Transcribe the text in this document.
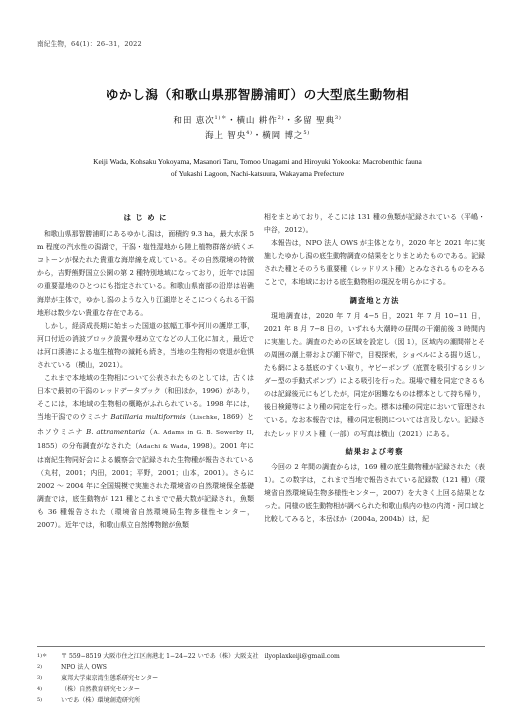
南紀生物，64(1)：26–31，2022
ゆかし潟（和歌山県那智勝浦町）の大型底生動物相
和田 恵次$^{1)*}$・横山 耕作$^{2)}$・多留 聖典$^{3)}$
海上 智央$^{4)}$・横岡 博之$^{5)}$
Keiji Wada, Kohsaku Yokoyama, Masanori Taru, Tomoo Unagami and Hiroyuki Yokooka: Macrobenthic fauna
of Yukashi Lagoon, Nachi-katsuura, Wakayama Prefecture
は じ め に

和歌山県那智勝浦町にあるゆかし潟は，面積約 9.3 ha，最大水深 5 m 程度の汽水性の潟湖で，干潟・塩性湿地から陸上植物群落が続くエコトーンが保たれた貴重な海岸線を成している。その自然環境の特徴から，吉野熊野国立公園の第 2 種特別地域になっており，近年では国の重要湿地のひとつにも指定されている。和歌山県南部の沿岸は岩礁海岸が主体で，ゆかし潟のような入り江湖岸とそこにつくられる干潟地形は数少ない貴重な存在である。

しかし，経済成長期に始まった国道の拡幅工事や河川の護岸工事，河口付近の消波ブロック設置や埋め立てなどの人工化に加え，最近では河口湊港による塩生植物の減耗も続き，当地の生物相の衰退が危惧されている（横山，2021）。

これまで本地域の生物相について公表されたものとしては，古くは日本で最初の干潟のレッドデータブック（和田ほか，1996）があり，そこには，本地域の生物相の概略がふれられている。1998 年には，当地干潟でのウミニナ Batillaria multiformis（Lischke, 1869）とホソウミニナ B. attramentaria（A. Adams in G. B. Sowerby II, 1855）の分布調査がなされた（Adachi & Wada, 1998）。2001 年には南紀生物同好会による観察会で記録された生物種が報告されている（丸村，2001；内田，2001；平野，2001；山本，2001）。さらに 2002 〜 2004 年に全国規模で実施された環境省の自然環境保全基礎調査では，底生動物が 121 種とこれまでで最大数が記録され，魚類も 36 種報告された（環境省自然環境局生物多様性センター，2007）。近年では，和歌山県立自然博物館が魚類

相をまとめており，そこには 131 種の魚類が記録されている（平嶋・中谷，2012）。

本報告は，NPO 法人 OWS が主体となり，2020 年と 2021 年に実施したゆかし潟の底生動物調査の結果をとりまとめたものである。記録された種とそのうち重要種（レッドリスト種）とみなされるものをみることで，本地域における底生動物相の現況を明らかにする。

調査地と方法

現地調査は，2020 年 7 月 4−5 日，2021 年 7 月 10−11 日，2021 年 8 月 7−8 日の，いずれも大潮時の昼間の干潮前後 3 時間内に実施した。調査のための区域を設定し（図 1），区域内の潮間帯とその周囲の潮上帯および潮下帯で，目視探索，ショベルによる掘り返し，たも網による基底のすくい取り，ヤビーポンプ（底質を吸引するシリンダー型の手動式ポンプ）による吸引を行った。現場で種を同定できるものは記録後元にもどしたが，同定が困難なものは標本として持ち帰り，後日検鏡等により種の同定を行った。標本は種の同定において管理されている。なお本報告では，種の同定根拠については言及しない。記録されたレッドリスト種（一部）の写真は横山（2021）にある。

結果および考察

今回の 2 年間の調査からは，169 種の底生動物種が記録された（表 1）。この数字は，これまで当地で報告されている記録数（121 種）（環境省自然環境局生物多様性センター，2007）を大きく上回る結果となった。同様の底生動物相が調べられた和歌山県内の他の内湾・河口域と比較してみると，本岳ほか（2004a, 2004b）は，紀

1)＊	〒 559−8519 大阪市住之江区南港北 1−24−22 いであ（株）大阪支社　ilyoplaxkeiji@gmail.com
2)	NPO 法人 OWS
3)	東邦大学東京湾生態系研究センター
4)	（株）自然教育研究センター
5)	いであ（株）環境創造研究所
